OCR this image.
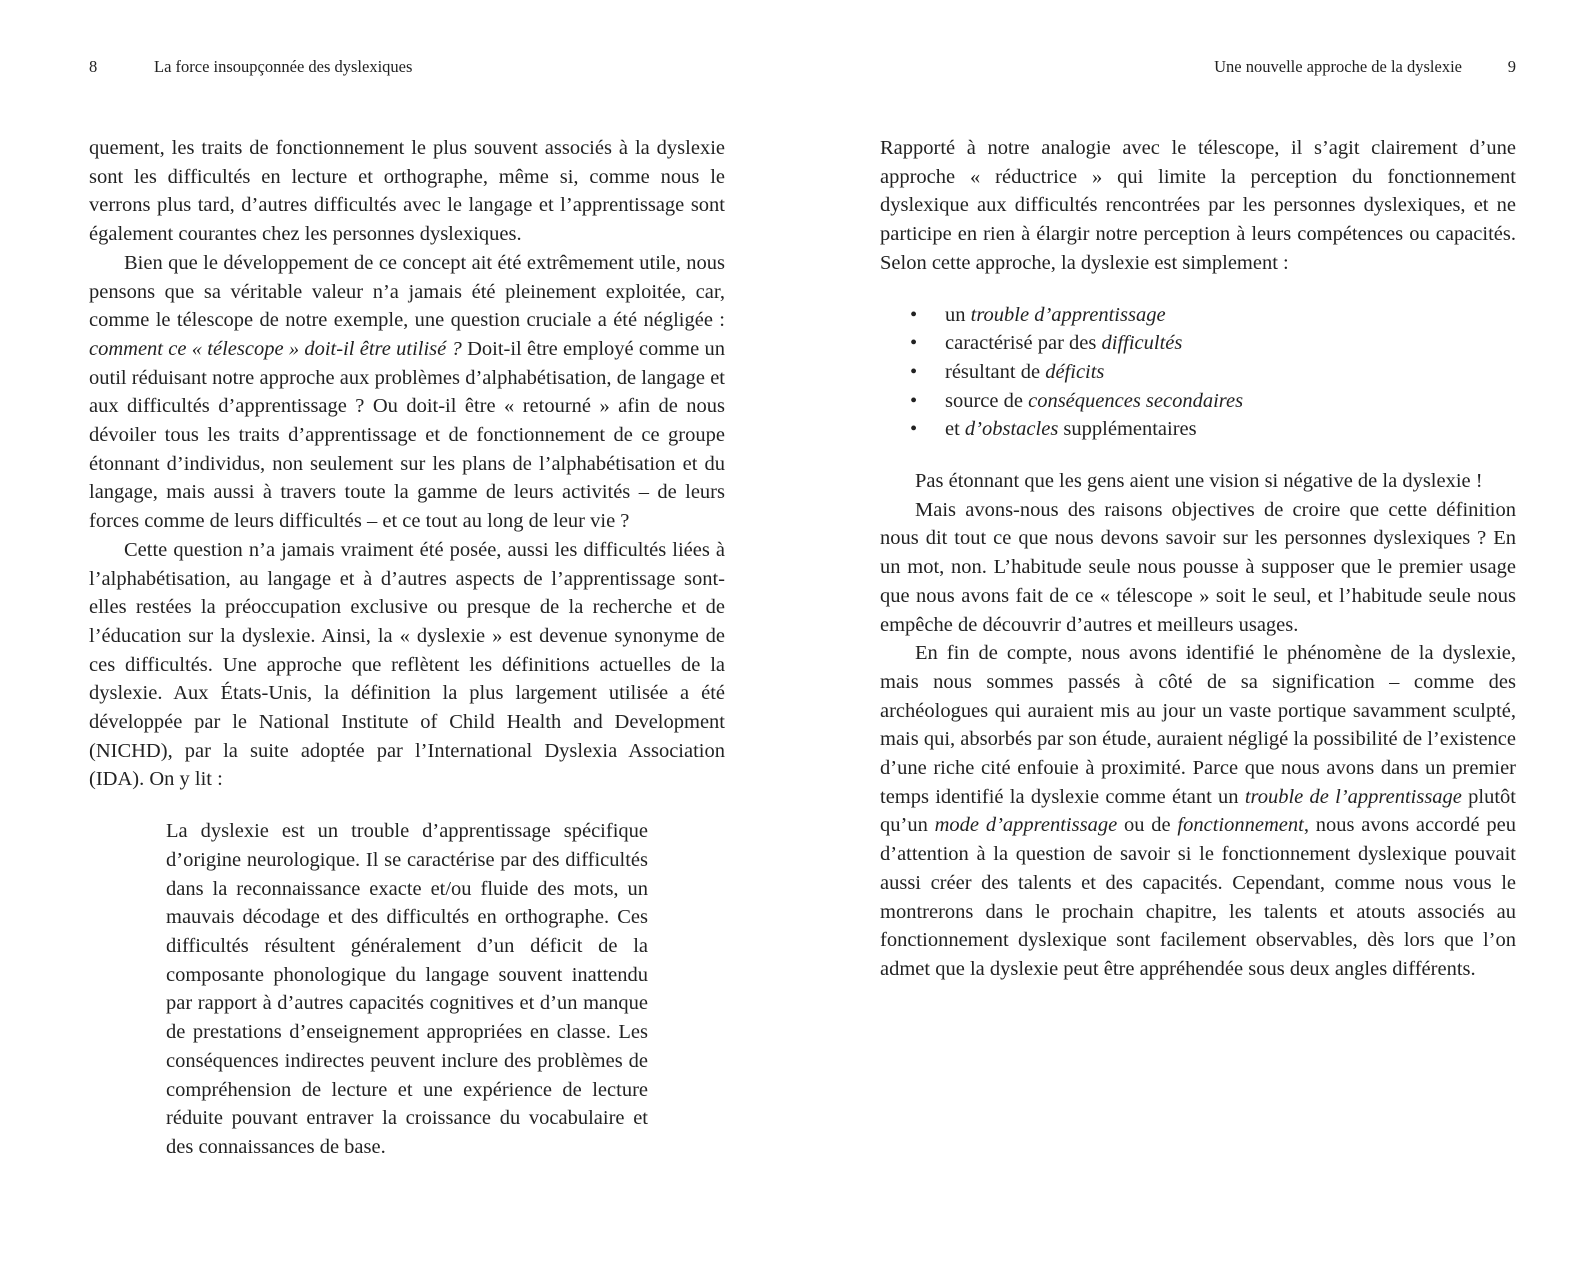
8	La force insoupçonnée des dyslexiques

quement, les traits de fonctionnement le plus souvent associés à la dyslexie sont les difficultés en lecture et orthographe, même si, comme nous le verrons plus tard, d’autres difficultés avec le langage et l’apprentissage sont également courantes chez les personnes dyslexiques.

Bien que le développement de ce concept ait été extrêmement utile, nous pensons que sa véritable valeur n’a jamais été pleinement exploitée, car, comme le télescope de notre exemple, une question cruciale a été négligée : comment ce « télescope » doit-il être utilisé ? Doit-il être employé comme un outil réduisant notre approche aux problèmes d’alphabétisation, de langage et aux difficultés d’apprentissage ? Ou doit-il être « retourné » afin de nous dévoiler tous les traits d’apprentissage et de fonctionnement de ce groupe étonnant d’individus, non seulement sur les plans de l’alphabétisation et du langage, mais aussi à travers toute la gamme de leurs activités – de leurs forces comme de leurs difficultés – et ce tout au long de leur vie ?

Cette question n’a jamais vraiment été posée, aussi les difficultés liées à l’alphabétisation, au langage et à d’autres aspects de l’apprentissage sont-elles restées la préoccupation exclusive ou presque de la recherche et de l’éducation sur la dyslexie. Ainsi, la « dyslexie » est devenue synonyme de ces difficultés. Une approche que reflètent les définitions actuelles de la dyslexie. Aux États-Unis, la définition la plus largement utilisée a été développée par le National Institute of Child Health and Development (NICHD), par la suite adoptée par l’International Dyslexia Association (IDA). On y lit :

La dyslexie est un trouble d’apprentissage spécifique d’origine neurologique. Il se caractérise par des difficultés dans la reconnaissance exacte et/ou fluide des mots, un mauvais décodage et des difficultés en orthographe. Ces difficultés résultent généralement d’un déficit de la composante phonologique du langage souvent inattendu par rapport à d’autres capacités cognitives et d’un manque de prestations d’enseignement appropriées en classe. Les conséquences indirectes peuvent inclure des problèmes de compréhension de lecture et une expérience de lecture réduite pouvant entraver la croissance du vocabulaire et des connaissances de base.

Une nouvelle approche de la dyslexie	9

Rapporté à notre analogie avec le télescope, il s’agit clairement d’une approche « réductrice » qui limite la perception du fonctionnement dyslexique aux difficultés rencontrées par les personnes dyslexiques, et ne participe en rien à élargir notre perception à leurs compétences ou capacités. Selon cette approche, la dyslexie est simplement :

• un trouble d’apprentissage
• caractérisé par des difficultés
• résultant de déficits
• source de conséquences secondaires
• et d’obstacles supplémentaires

Pas étonnant que les gens aient une vision si négative de la dyslexie !

Mais avons-nous des raisons objectives de croire que cette définition nous dit tout ce que nous devons savoir sur les personnes dyslexiques ? En un mot, non. L’habitude seule nous pousse à supposer que le premier usage que nous avons fait de ce « télescope » soit le seul, et l’habitude seule nous empêche de découvrir d’autres et meilleurs usages.

En fin de compte, nous avons identifié le phénomène de la dyslexie, mais nous sommes passés à côté de sa signification – comme des archéologues qui auraient mis au jour un vaste portique savamment sculpté, mais qui, absorbés par son étude, auraient négligé la possibilité de l’existence d’une riche cité enfouie à proximité. Parce que nous avons dans un premier temps identifié la dyslexie comme étant un trouble de l’apprentissage plutôt qu’un mode d’apprentissage ou de fonctionnement, nous avons accordé peu d’attention à la question de savoir si le fonctionnement dyslexique pouvait aussi créer des talents et des capacités. Cependant, comme nous vous le montrerons dans le prochain chapitre, les talents et atouts associés au fonctionnement dyslexique sont facilement observables, dès lors que l’on admet que la dyslexie peut être appréhendée sous deux angles différents.
